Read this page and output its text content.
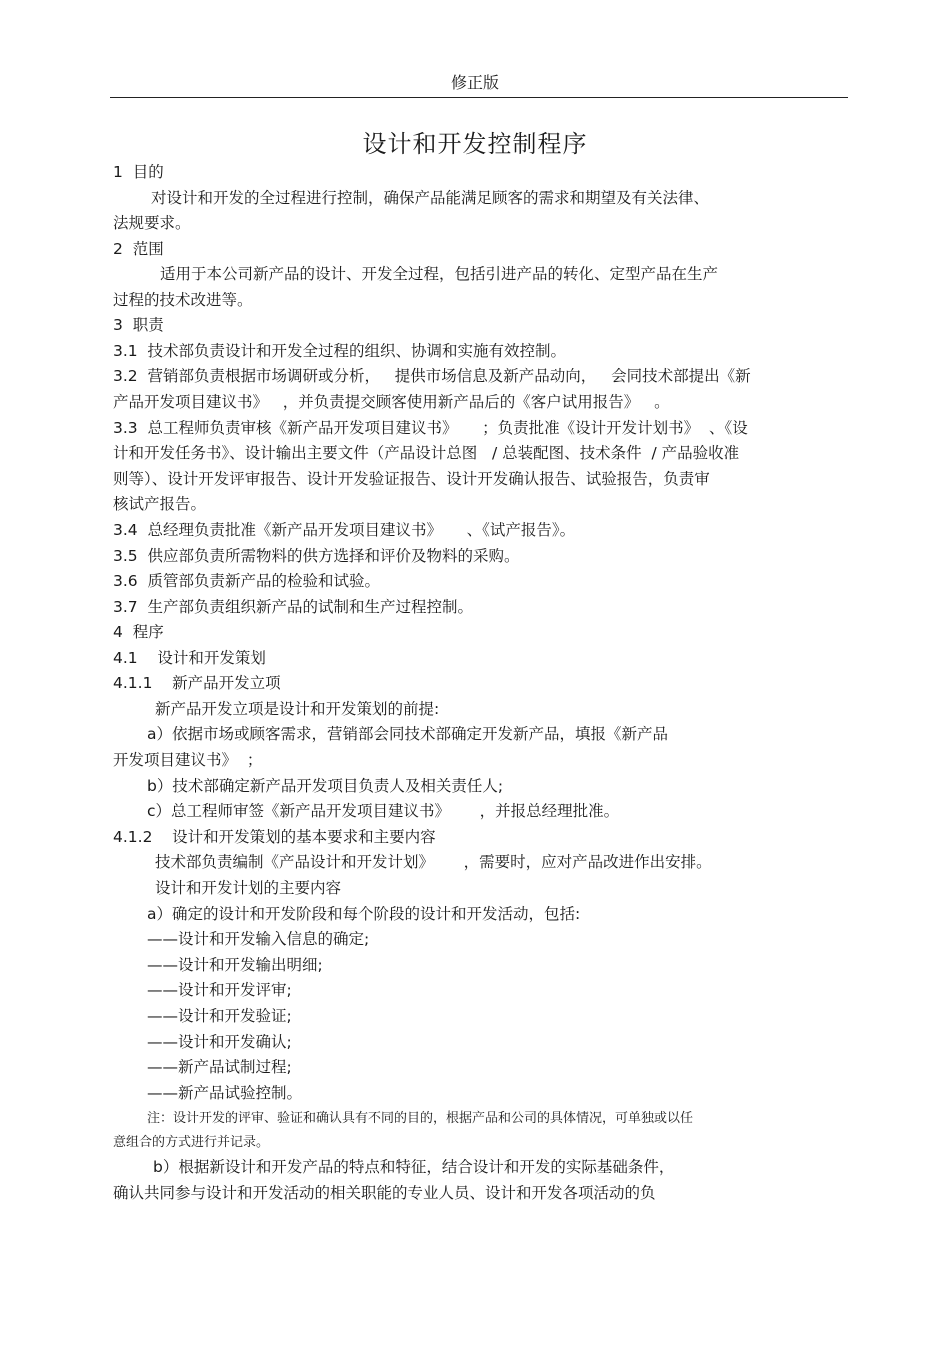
修正版
设计和开发控制程序
1  目的
对设计和开发的全过程进行控制，确保产品能满足顾客的需求和期望及有关法律、
法规要求。
2  范围
适用于本公司新产品的设计、开发全过程，包括引进产品的转化、定型产品在生产
过程的技术改进等。
3  职责
3.1  技术部负责设计和开发全过程的组织、协调和实施有效控制。
3.2  营销部负责根据市场调研或分析，   提供市场信息及新产品动向，   会同技术部提出《新
产品开发项目建议书》   ，并负责提交顾客使用新产品后的《客户试用报告》   。
3.3  总工程师负责审核《新产品开发项目建议书》     ；负责批准《设计开发计划书》  、《设
计和开发任务书》、设计输出主要文件（产品设计总图   / 总装配图、技术条件  / 产品验收准
则等）、设计开发评审报告、设计开发验证报告、设计开发确认报告、试验报告，负责审
核试产报告。
3.4  总经理负责批准《新产品开发项目建议书》     、《试产报告》。
3.5  供应部负责所需物料的供方选择和评价及物料的采购。
3.6  质管部负责新产品的检验和试验。
3.7  生产部负责组织新产品的试制和生产过程控制。
4  程序
4.1    设计和开发策划
4.1.1    新产品开发立项
新产品开发立项是设计和开发策划的前提:
a）依据市场或顾客需求，营销部会同技术部确定开发新产品，填报《新产品
开发项目建议书》  ；
b）技术部确定新产品开发项目负责人及相关责任人;
c）总工程师审签《新产品开发项目建议书》      ，并报总经理批准。
4.1.2    设计和开发策划的基本要求和主要内容
技术部负责编制《产品设计和开发计划》      ，需要时，应对产品改进作出安排。
设计和开发计划的主要内容
a）确定的设计和开发阶段和每个阶段的设计和开发活动，包括:
——设计和开发输入信息的确定;
——设计和开发输出明细;
——设计和开发评审;
——设计和开发验证;
——设计和开发确认;
——新产品试制过程;
——新产品试验控制。
注：设计开发的评审、验证和确认具有不同的目的，根据产品和公司的具体情况，可单独或以任
意组合的方式进行并记录。
b）根据新设计和开发产品的特点和特征，结合设计和开发的实际基础条件，
确认共同参与设计和开发活动的相关职能的专业人员、设计和开发各项活动的负
